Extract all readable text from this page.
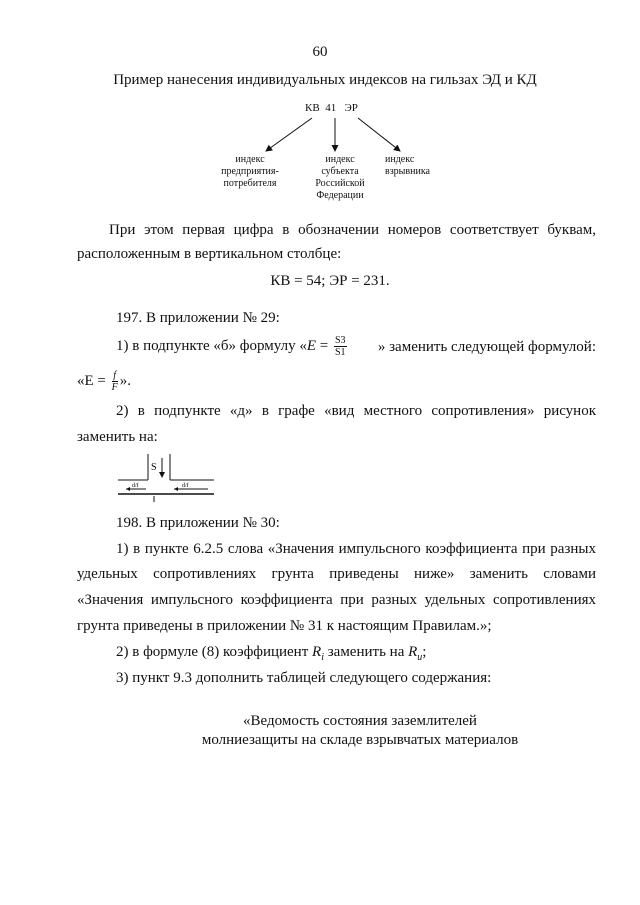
60
Пример нанесения индивидуальных индексов на гильзах ЭД и КД
КВ 41 ЭР
индекс
предприятия-
потребителя
индекс
субъекта
Российской
Федерации
индекс
взрывника
При этом первая цифра в обозначении номеров соответствует буквам,
расположенным в вертикальном столбце:
КВ = 54; ЭР = 231.
197. В приложении № 29:
1) в подпункте «б» формулу «$E = \frac{S3}{S1}$ » заменить следующей формулой:
«$E = \frac{f}{F}$ ».
2) в подпункте «д» в графе «вид местного сопротивления» рисунок
заменить на:
S
d/f	d/f
198. В приложении № 30:
1) в пункте 6.2.5 слова «Значения импульсного коэффициента при разных
удельных сопротивлениях грунта приведены ниже» заменить словами
«Значения импульсного коэффициента при разных удельных сопротивлениях
грунта приведены в приложении № 31 к настоящим Правилам.»;
2) в формуле (8) коэффициент $R_i$ заменить на $R_u$;
3) пункт 9.3 дополнить таблицей следующего содержания:
«Ведомость состояния заземлителей
молниезащиты на складе взрывчатых материалов
